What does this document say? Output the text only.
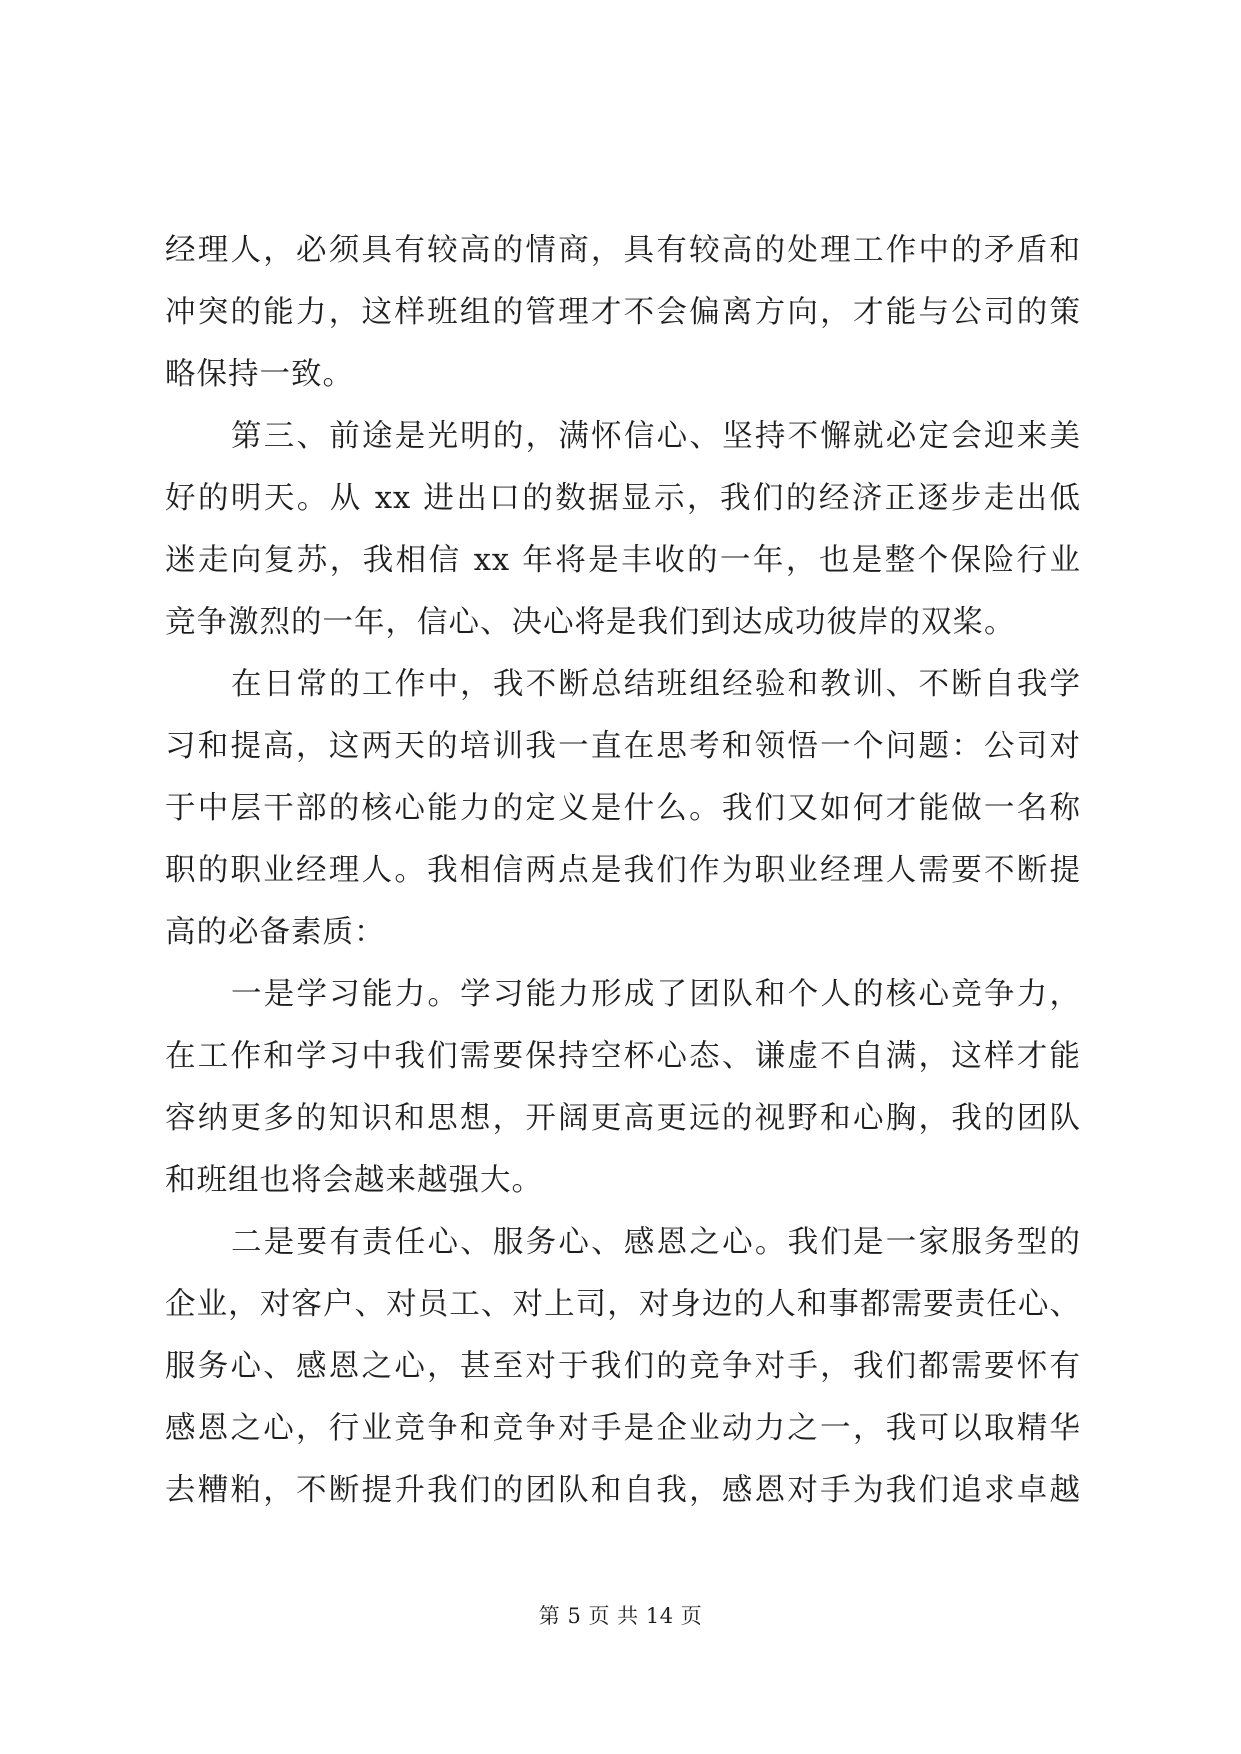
经理人，必须具有较高的情商，具有较高的处理工作中的矛盾和
冲突的能力，这样班组的管理才不会偏离方向，才能与公司的策
略保持一致。
第三、前途是光明的，满怀信心、坚持不懈就必定会迎来美
好的明天。从 xx 进出口的数据显示，我们的经济正逐步走出低
迷走向复苏，我相信 xx 年将是丰收的一年，也是整个保险行业
竞争激烈的一年，信心、决心将是我们到达成功彼岸的双桨。
在日常的工作中，我不断总结班组经验和教训、不断自我学
习和提高，这两天的培训我一直在思考和领悟一个问题：公司对
于中层干部的核心能力的定义是什么。我们又如何才能做一名称
职的职业经理人。我相信两点是我们作为职业经理人需要不断提
高的必备素质：
一是学习能力。学习能力形成了团队和个人的核心竞争力，
在工作和学习中我们需要保持空杯心态、谦虚不自满，这样才能
容纳更多的知识和思想，开阔更高更远的视野和心胸，我的团队
和班组也将会越来越强大。
二是要有责任心、服务心、感恩之心。我们是一家服务型的
企业，对客户、对员工、对上司，对身边的人和事都需要责任心、
服务心、感恩之心，甚至对于我们的竞争对手，我们都需要怀有
感恩之心，行业竞争和竞争对手是企业动力之一，我可以取精华
去糟粕，不断提升我们的团队和自我，感恩对手为我们追求卓越
第 5 页 共 14 页
